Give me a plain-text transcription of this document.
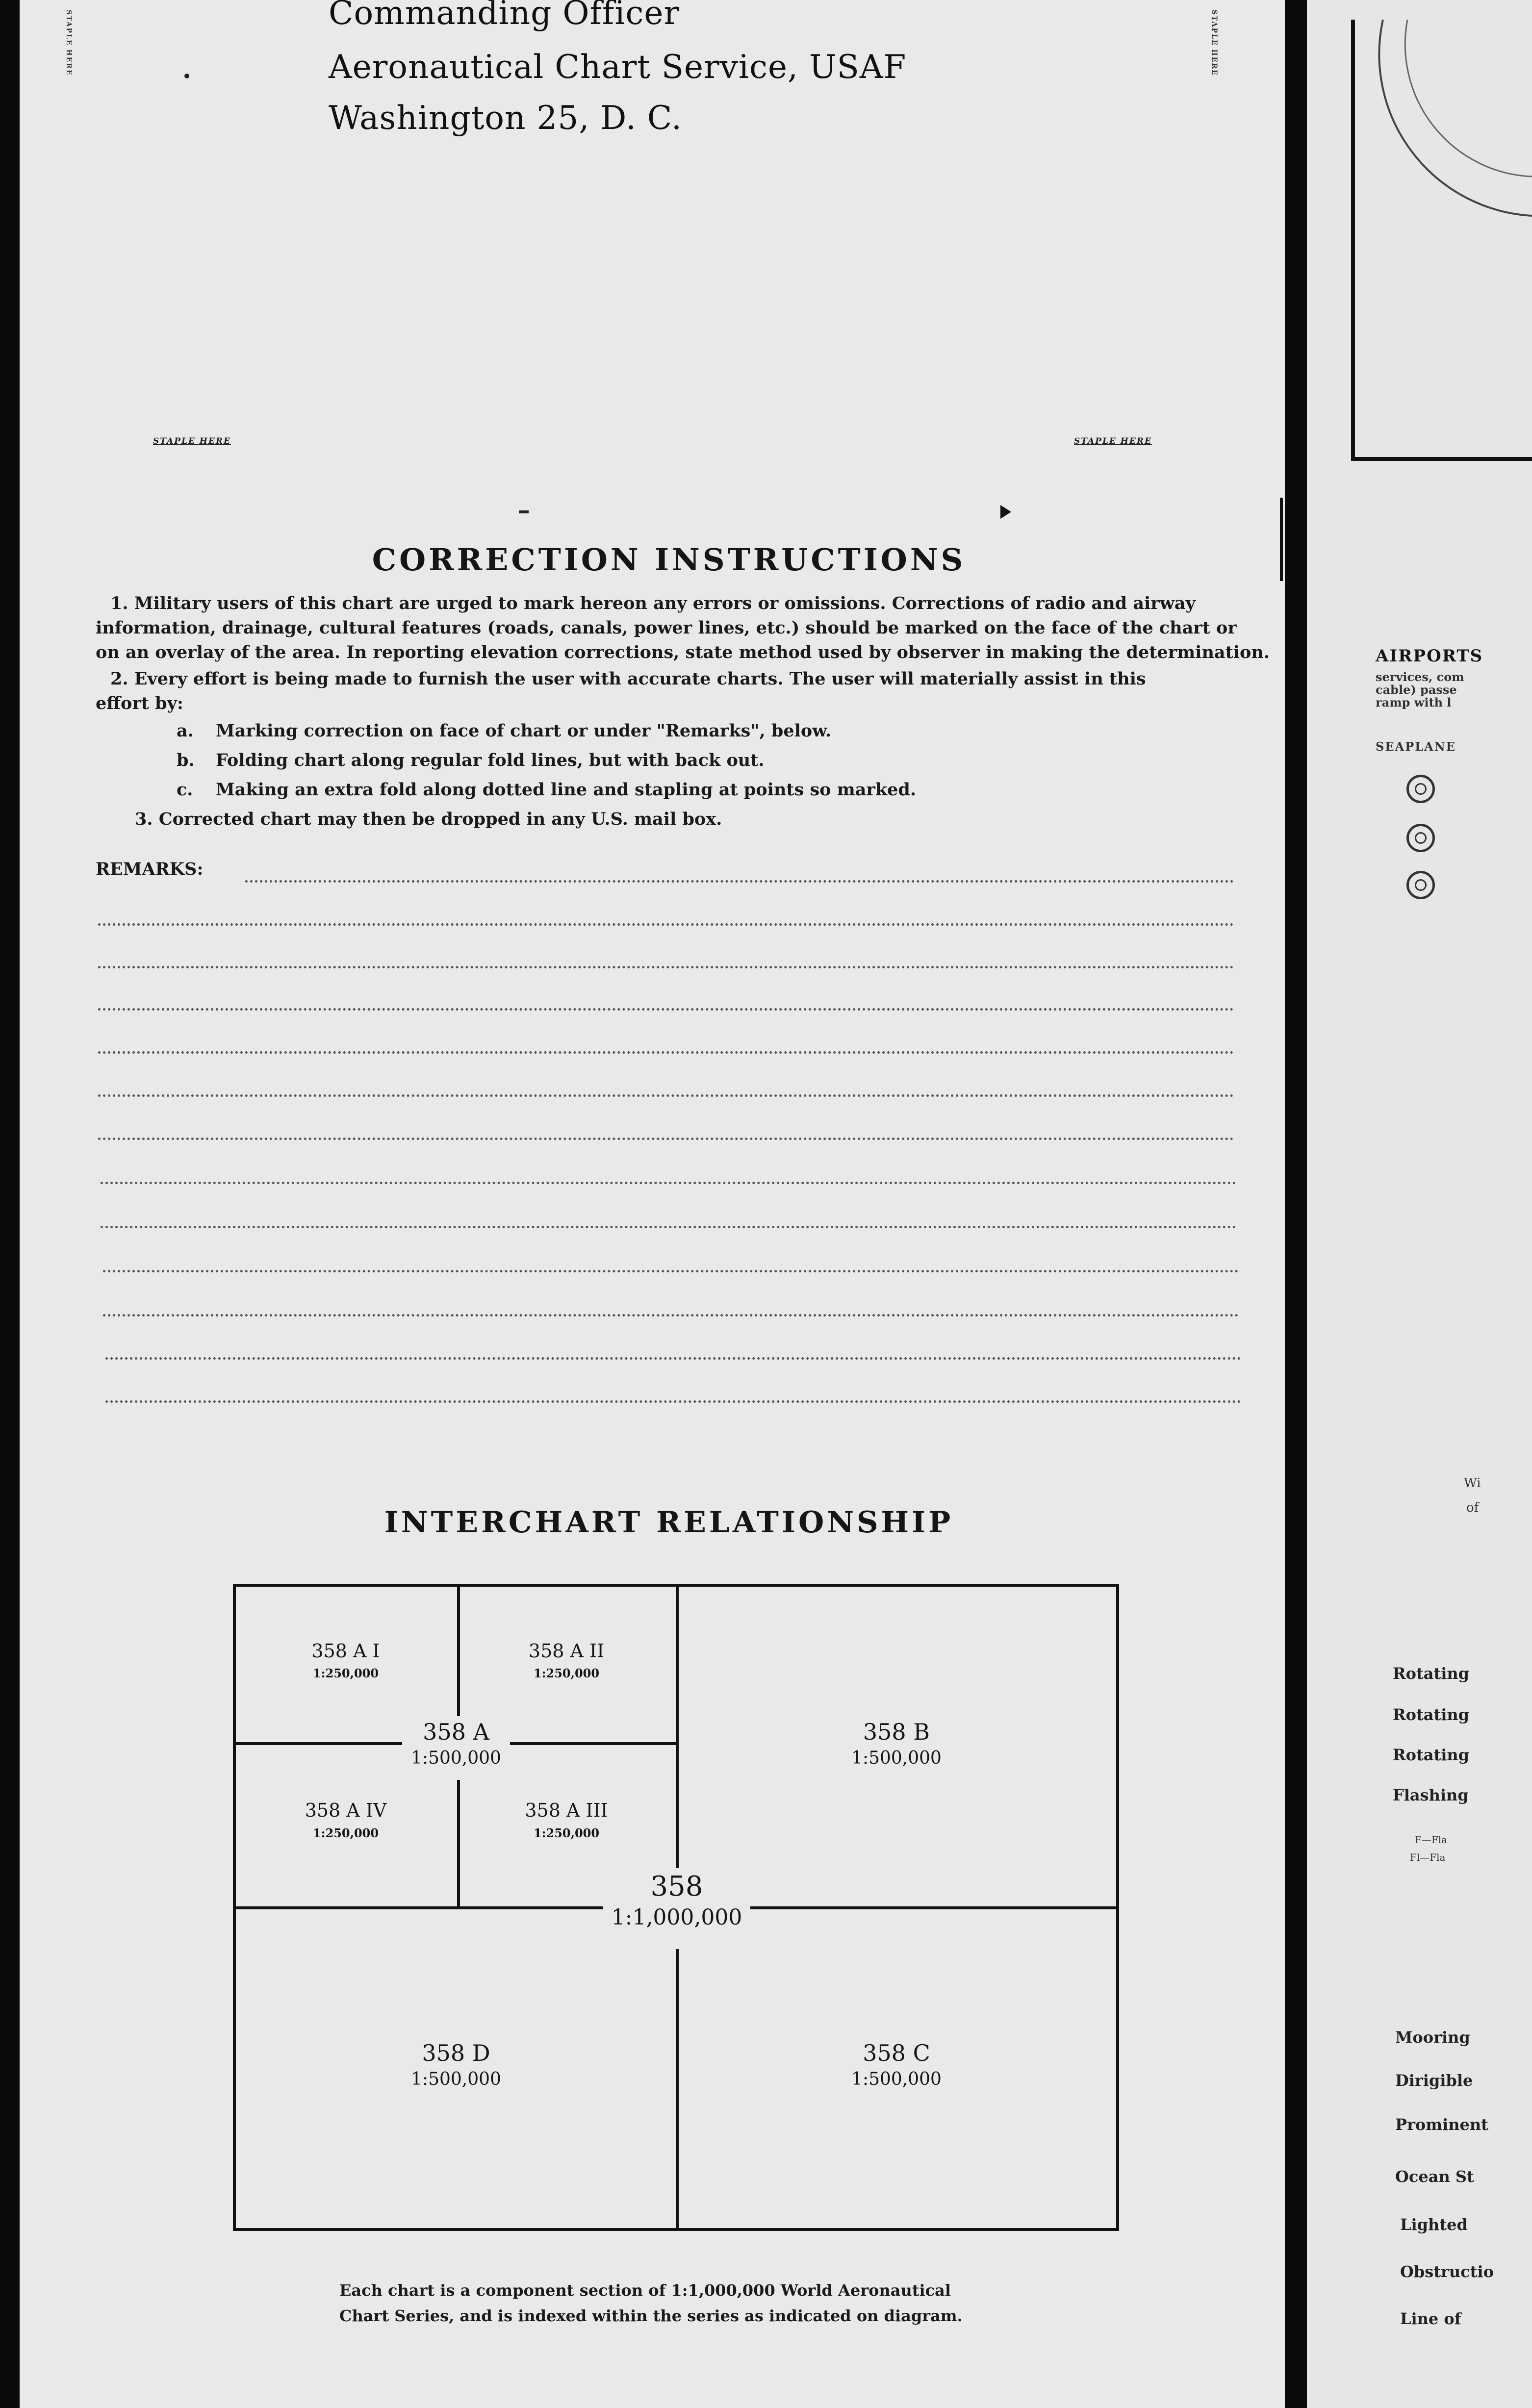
STAPLE HERE	STAPLE HERE
Commanding Officer
Aeronautical Chart Service, USAF
Washington 25, D. C.
STAPLE HERE	STAPLE HERE
CORRECTION INSTRUCTIONS
1. Military users of this chart are urged to mark hereon any errors or omissions. Corrections of radio and airway
information, drainage, cultural features (roads, canals, power lines, etc.) should be marked on the face of the chart or
on an overlay of the area. In reporting elevation corrections, state method used by observer in making the determination.
2. Every effort is being made to furnish the user with accurate charts. The user will materially assist in this
effort by:
a. Marking correction on face of chart or under "Remarks", below.
b. Folding chart along regular fold lines, but with back out.
c. Making an extra fold along dotted line and stapling at points so marked.
3. Corrected chart may then be dropped in any U.S. mail box.
REMARKS:
INTERCHART RELATIONSHIP
358 A I
1:250,000
358 A II
1:250,000
358 A IV
1:250,000
358 A III
1:250,000
358 A
1:500,000
358 B
1:500,000
358
1:1,000,000
358 D
1:500,000
358 C
1:500,000
Each chart is a component section of 1:1,000,000 World Aeronautical
Chart Series, and is indexed within the series as indicated on diagram.
AIRPORTS
services, com
cable) passe
ramp with l
SEAPLANE
Wi
of
Rotating
Rotating
Rotating
Flashing
F—Fla
Fl—Fla
Mooring
Dirigible
Prominent
Ocean St
Lighted
Obstructio
Line of
